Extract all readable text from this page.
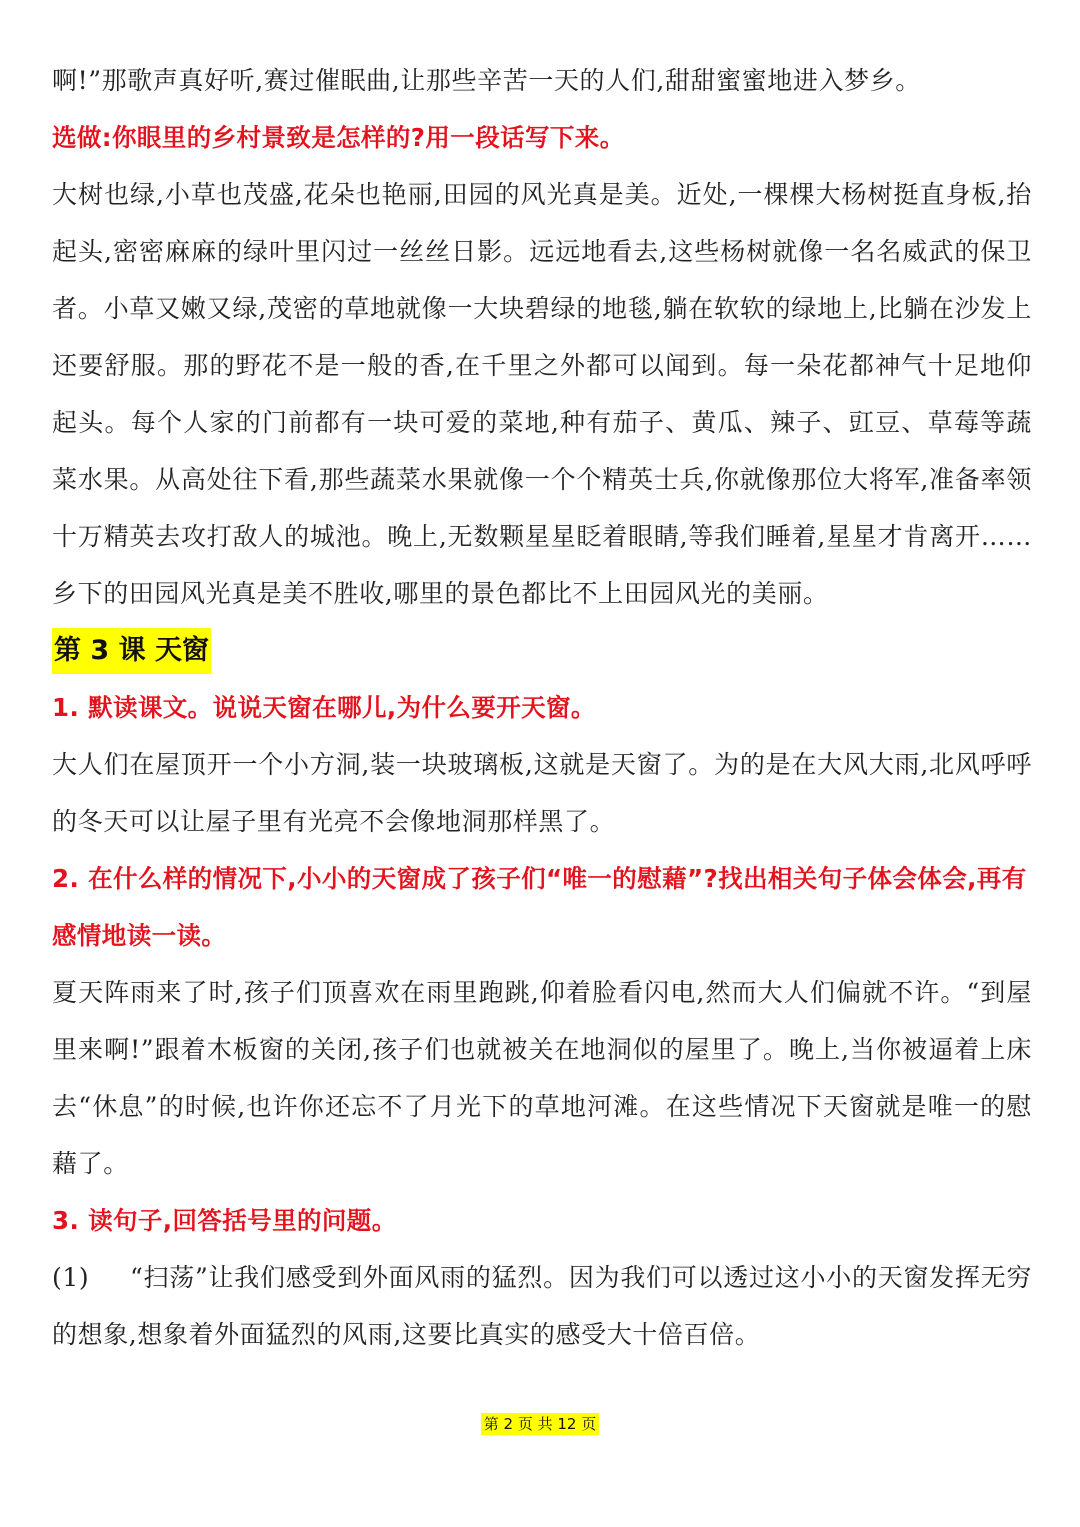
啊!”那歌声真好听,赛过催眠曲,让那些辛苦一天的人们,甜甜蜜蜜地进入梦乡。

选做:你眼里的乡村景致是怎样的?用一段话写下来。

大树也绿,小草也茂盛,花朵也艳丽,田园的风光真是美。近处,一棵棵大杨树挺直身板,抬起头,密密麻麻的绿叶里闪过一丝丝日影。远远地看去,这些杨树就像一名名威武的保卫者。小草又嫩又绿,茂密的草地就像一大块碧绿的地毯,躺在软软的绿地上,比躺在沙发上还要舒服。那的野花不是一般的香,在千里之外都可以闻到。每一朵花都神气十足地仰起头。每个人家的门前都有一块可爱的菜地,种有茄子、黄瓜、辣子、豇豆、草莓等蔬菜水果。从高处往下看,那些蔬菜水果就像一个个精英士兵,你就像那位大将军,准备率领十万精英去攻打敌人的城池。晚上,无数颗星星眨着眼睛,等我们睡着,星星才肯离开……乡下的田园风光真是美不胜收,哪里的景色都比不上田园风光的美丽。

第 3 课 天窗

1. 默读课文。说说天窗在哪儿,为什么要开天窗。

大人们在屋顶开一个小方洞,装一块玻璃板,这就是天窗了。为的是在大风大雨,北风呼呼的冬天可以让屋子里有光亮不会像地洞那样黑了。

2. 在什么样的情况下,小小的天窗成了孩子们“唯一的慰藉”?找出相关句子体会体会,再有感情地读一读。

夏天阵雨来了时,孩子们顶喜欢在雨里跑跳,仰着脸看闪电,然而大人们偏就不许。“到屋里来啊!”跟着木板窗的关闭,孩子们也就被关在地洞似的屋里了。晚上,当你被逼着上床去“休息”的时候,也许你还忘不了月光下的草地河滩。在这些情况下天窗就是唯一的慰藉了。

3. 读句子,回答括号里的问题。

(1) “扫荡”让我们感受到外面风雨的猛烈。因为我们可以透过这小小的天窗发挥无穷的想象,想象着外面猛烈的风雨,这要比真实的感受大十倍百倍。

第 2 页 共 12 页
